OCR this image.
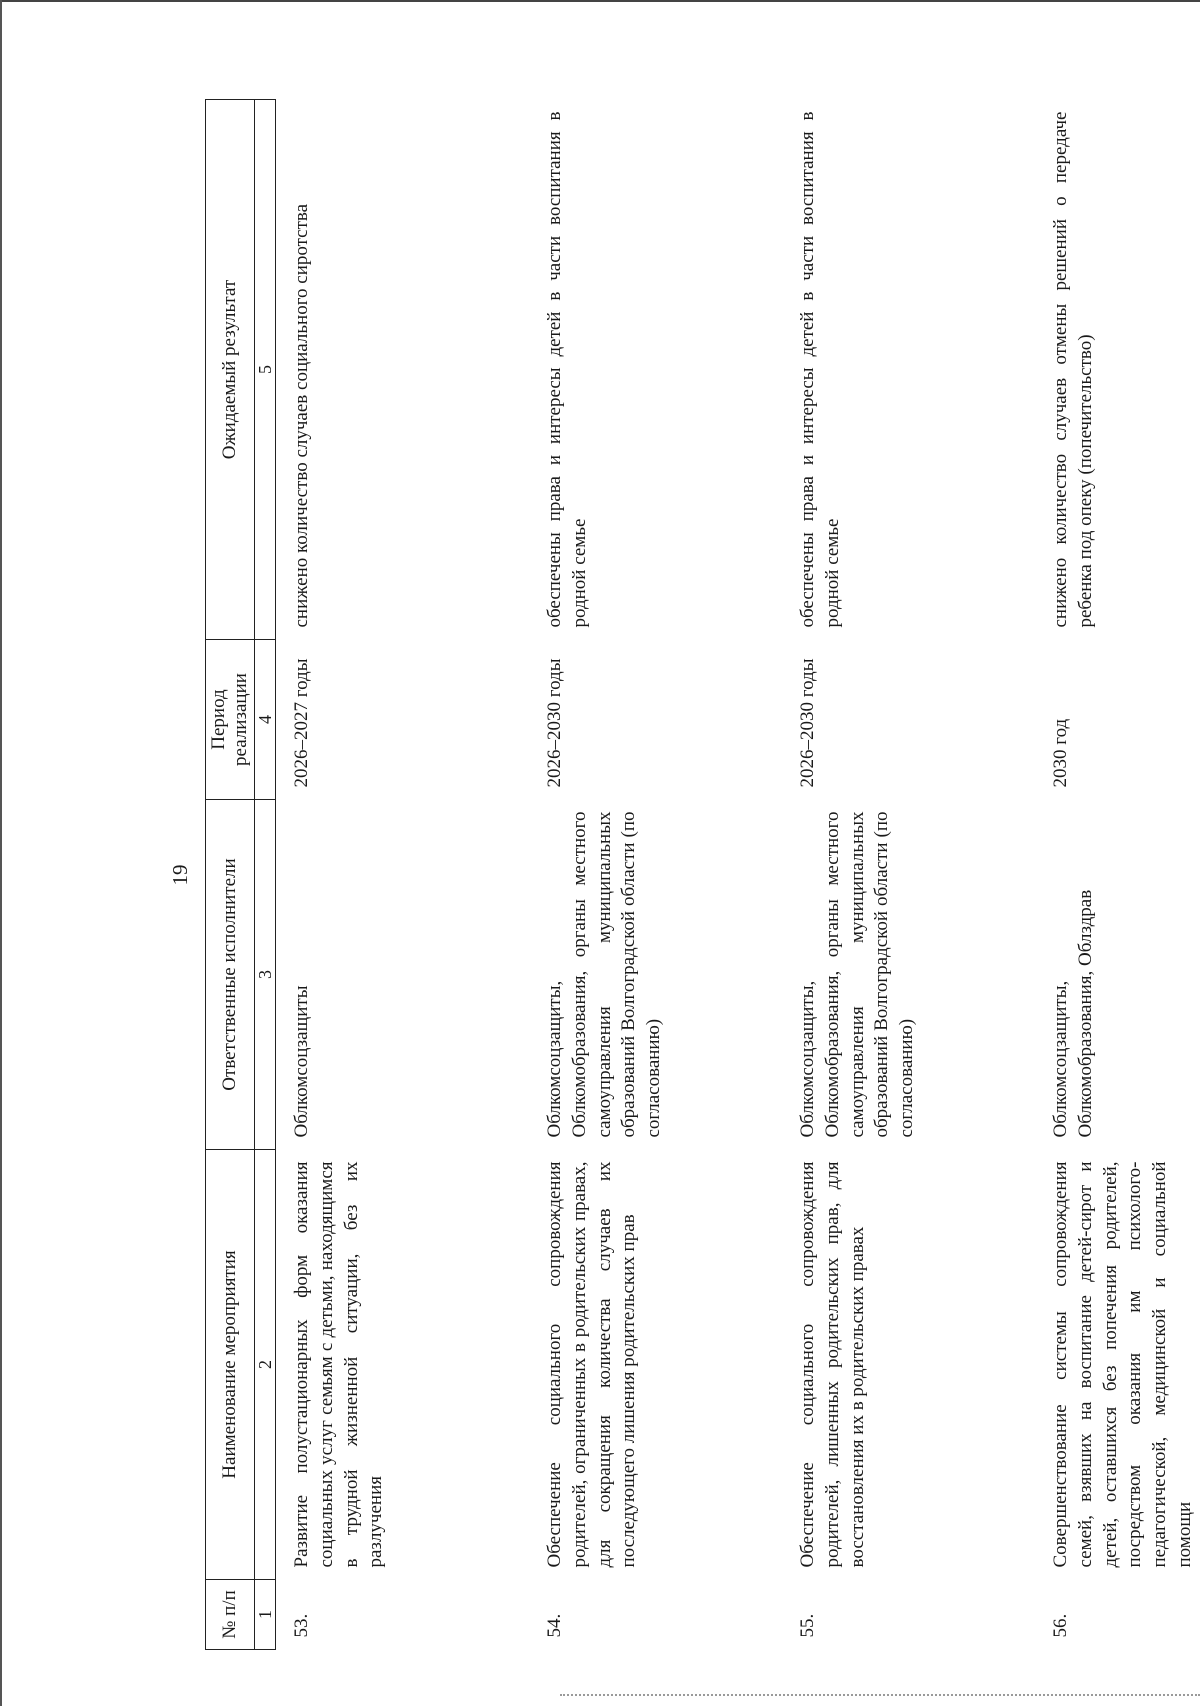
19
№ п/п	Наименование мероприятия	Ответственные исполнители	Период реализации	Ожидаемый результат
1	2	3	4	5
53.	Развитие полустационарных форм оказания социальных услуг семьям с детьми, находящимся в трудной жизненной ситуации, без их разлучения	Облкомсоцзащиты	2026–2027 годы	снижено количество случаев социального сиротства
54.	Обеспечение социального сопровождения родителей, ограниченных в родительских правах, для сокращения количества случаев их последующего лишения родительских прав	Облкомсоцзащиты, Облкомобразования, органы местного самоуправления муниципальных образований Волгоградской области (по согласованию)	2026–2030 годы	обеспечены права и интересы детей в части воспитания в родной семье
55.	Обеспечение социального сопровождения родителей, лишенных родительских прав, для восстановления их в родительских правах	Облкомсоцзащиты, Облкомобразования, органы местного самоуправления муниципальных образований Волгоградской области (по согласованию)	2026–2030 годы	обеспечены права и интересы детей в части воспитания в родной семье
56.	Совершенствование системы сопровождения семей, взявших на воспитание детей-сирот и детей, оставшихся без попечения родителей, посредством оказания им психолого-педагогической, медицинской и социальной помощи	Облкомсоцзащиты, Облкомобразования, Облздрав	2030 год	снижено количество случаев отмены решений о передаче ребенка под опеку (попечительство)
